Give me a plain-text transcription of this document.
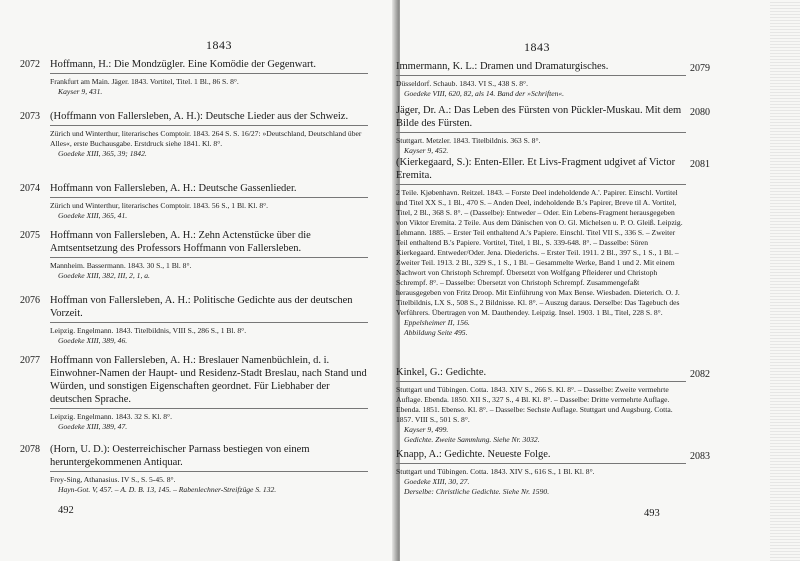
1843
2072 Hoffmann, H.: Die Mondzügler. Eine Komödie der Gegenwart.
Frankfurt am Main. Jäger. 1843. Vortitel, Titel. 1 Bl., 86 S. 8°.
Kayser 9, 431.
2073 (Hoffmann von Fallersleben, A. H.): Deutsche Lieder aus der Schweiz.
Zürich und Winterthur, literarisches Comptoir. 1843. 264 S. S. 16/27: »Deutschland, Deutschland über Alles«, erste Buchausgabe. Erstdruck siehe 1841. Kl. 8°.
Goedeke XIII, 365, 39; 1842.
2074 Hoffmann von Fallersleben, A. H.: Deutsche Gassenlieder.
Zürich und Winterthur, literarisches Comptoir. 1843. 56 S., 1 Bl. Kl. 8°.
Goedeke XIII, 365, 41.
2075 Hoffmann von Fallersleben, A. H.: Zehn Actenstücke über die Amtsentsetzung des Professors Hoffmann von Fallersleben.
Mannheim. Bassermann. 1843. 30 S., 1 Bl. 8°.
Goedeke XIII, 382, III, 2, 1, a.
2076 Hoffman von Fallersleben, A. H.: Politische Gedichte aus der deutschen Vorzeit.
Leipzig. Engelmann. 1843. Titelbildnis, VIII S., 286 S., 1 Bl. 8°.
Goedeke XIII, 389, 46.
2077 Hoffmann von Fallersleben, A. H.: Breslauer Namenbüchlein, d. i. Einwohner-Namen der Haupt- und Residenz-Stadt Breslau, nach Stand und Würden, und sonstigen Eigenschaften geordnet. Für Liebhaber der deutschen Sprache.
Leipzig. Engelmann. 1843. 32 S. Kl. 8°.
Goedeke XIII, 389, 47.
2078 (Horn, U. D.): Oesterreichischer Parnass bestiegen von einem heruntergekommenen Antiquar.
Frey-Sing, Athanasius. IV S., S. 5-45. 8°.
Hayn-Got. V, 457. – A. D. B. 13, 145. – Rabenlechner-Streifzüge S. 132.
492
1843
Immermann, K. L.: Dramen und Dramaturgisches.
Düsseldorf. Schaub. 1843. VI S., 438 S. 8°.
Goedeke VIII, 620, 82, als 14. Band der »Schriften«.
2079
Jäger, Dr. A.: Das Leben des Fürsten von Pückler-Muskau. Mit dem Bilde des Fürsten.
Stuttgart. Metzler. 1843. Titelbildnis. 363 S. 8°.
Kayser 9, 452.
2080
(Kierkegaard, S.): Enten-Eller. Et Livs-Fragment udgivet af Victor Eremita.
2 Teile. Kjøbenhavn. Reitzel. 1843. – Forste Deel indeholdende A.'. Papirer. Einschl. Vortitel und Titel XX S., 1 Bl., 470 S. – Anden Deel, indeholdende B.'s Papirer, Breve til A. Vortitel, Titel, 2 Bl., 368 S. 8°. – (Dasselbe): Entweder – Oder. Ein Lebens-Fragment herausgegeben von Viktor Eremita. 2 Teile. Aus dem Dänischen von O. Gl. Michelsen u. P. O. Gleiß. Leipzig. Lehmann. 1885. – Erster Teil enthaltend A.'s Papiere. Einschl. Titel VII S., 336 S. – Zweiter Teil enthaltend B.'s Papiere. Vortitel, Titel, 1 Bl., S. 339-648. 8°. – Dasselbe: Sören Kierkegaard. Entweder/Oder. Jena. Diederichs. – Erster Teil. 1911. 2 Bl., 397 S., 1 S., 1 Bl. – Zweiter Teil. 1913. 2 Bl., 329 S., 1 S., 1 Bl. – Gesammelte Werke, Band 1 und 2. Mit einem Nachwort von Christoph Schrempf. Übersetzt von Wolfgang Pfleiderer und Christoph Schrempf. 8°. – Dasselbe: Übersetzt von Christoph Schrempf. Zusammengefaßt herausgegeben von Fritz Droop. Mit Einführung von Max Bense. Wiesbaden. Dieterich. O. J. Titelbildnis, LX S., 508 S., 2 Bildnisse. Kl. 8°. – Auszug daraus. Derselbe: Das Tagebuch des Verführers. Übertragen von M. Dauthendey. Leipzig. Insel. 1903. 1 Bl., Titel, 228 S. 8°.
Eppelsheimer II, 156.
Abbildung Seite 495.
2081
Kinkel, G.: Gedichte.
Stuttgart und Tübingen. Cotta. 1843. XIV S., 266 S. Kl. 8°. – Dasselbe: Zweite vermehrte Auflage. Ebenda. 1850. XII S., 327 S., 4 Bl. Kl. 8°. – Dasselbe: Dritte vermehrte Auflage. Ebenda. 1851. Ebenso. Kl. 8°. – Dasselbe: Sechste Auflage. Stuttgart und Augsburg. Cotta. 1857. VIII S., 501 S. 8°.
Kayser 9, 499.
Gedichte. Zweite Sammlung. Siehe Nr. 3032.
2082
Knapp, A.: Gedichte. Neueste Folge.
Stuttgart und Tübingen. Cotta. 1843. XIV S., 616 S., 1 Bl. Kl. 8°.
Goedeke XIII, 30, 27.
Derselbe: Christliche Gedichte. Siehe Nr. 1590.
2083
493
